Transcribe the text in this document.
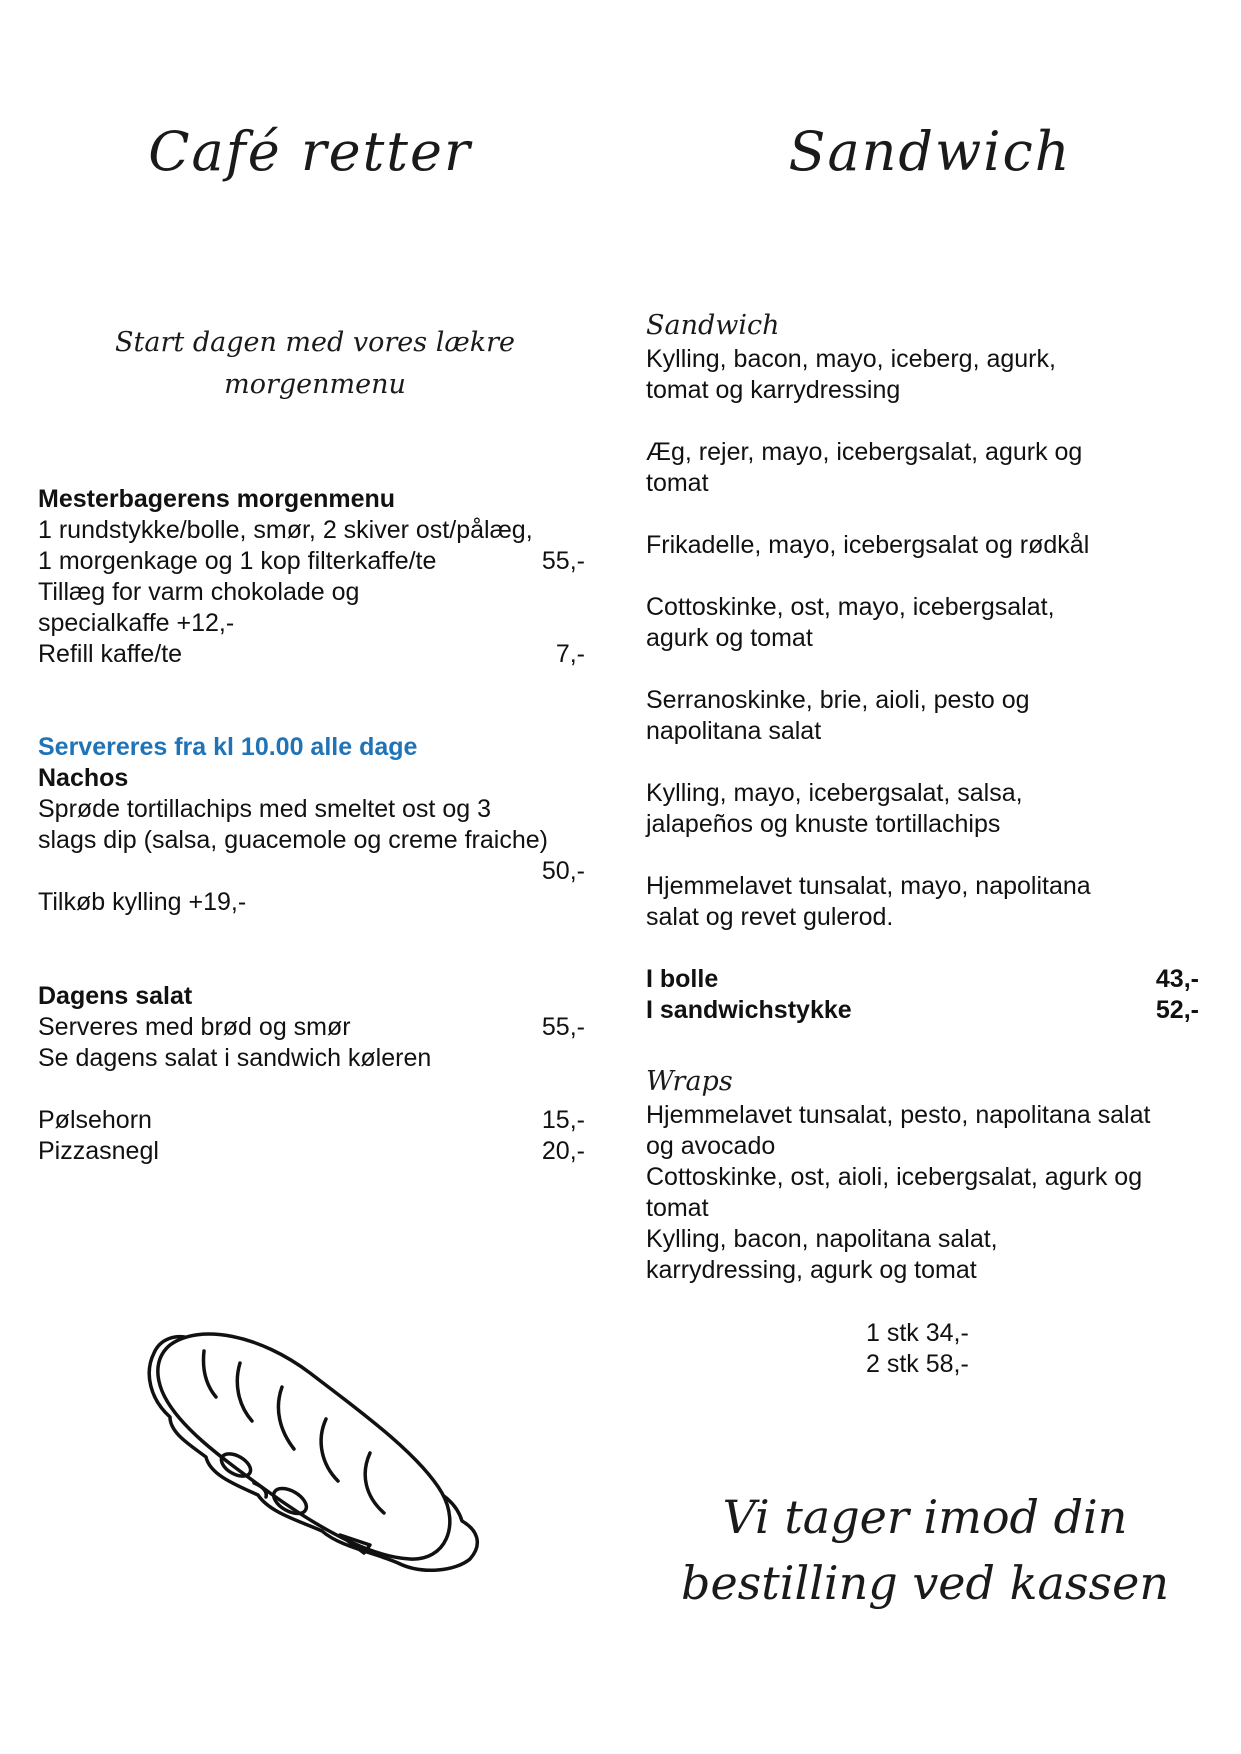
Café retter
Start dagen med vores lækre
morgenmenu
Mesterbagerens morgenmenu
1 rundstykke/bolle, smør, 2 skiver ost/pålæg,
1 morgenkage og 1 kop filterkaffe/te	55,-
Tillæg for varm chokolade og
specialkaffe +12,-
Refill kaffe/te	7,-
Servereres fra kl 10.00 alle dage
Nachos
Sprøde tortillachips med smeltet ost og 3
slags dip (salsa, guacemole og creme fraiche)
50,-
Tilkøb kylling +19,-
Dagens salat
Serveres med brød og smør	55,-
Se dagens salat i sandwich køleren
Pølsehorn	15,-
Pizzasnegl	20,-
Sandwich
Sandwich
Kylling, bacon, mayo, iceberg, agurk,
tomat og karrydressing
Æg, rejer, mayo, icebergsalat, agurk og
tomat
Frikadelle, mayo, icebergsalat og rødkål
Cottoskinke, ost, mayo, icebergsalat,
agurk og tomat
Serranoskinke, brie, aioli, pesto og
napolitana salat
Kylling, mayo, icebergsalat, salsa,
jalapeños og knuste tortillachips
Hjemmelavet tunsalat, mayo, napolitana
salat og revet gulerod.
I bolle	43,-
I sandwichstykke	52,-
Wraps
Hjemmelavet tunsalat, pesto, napolitana salat
og avocado
Cottoskinke, ost, aioli, icebergsalat, agurk og
tomat
Kylling, bacon, napolitana salat,
karrydressing, agurk og tomat
1 stk 34,-
2 stk 58,-
Vi tager imod din
bestilling ved kassen
